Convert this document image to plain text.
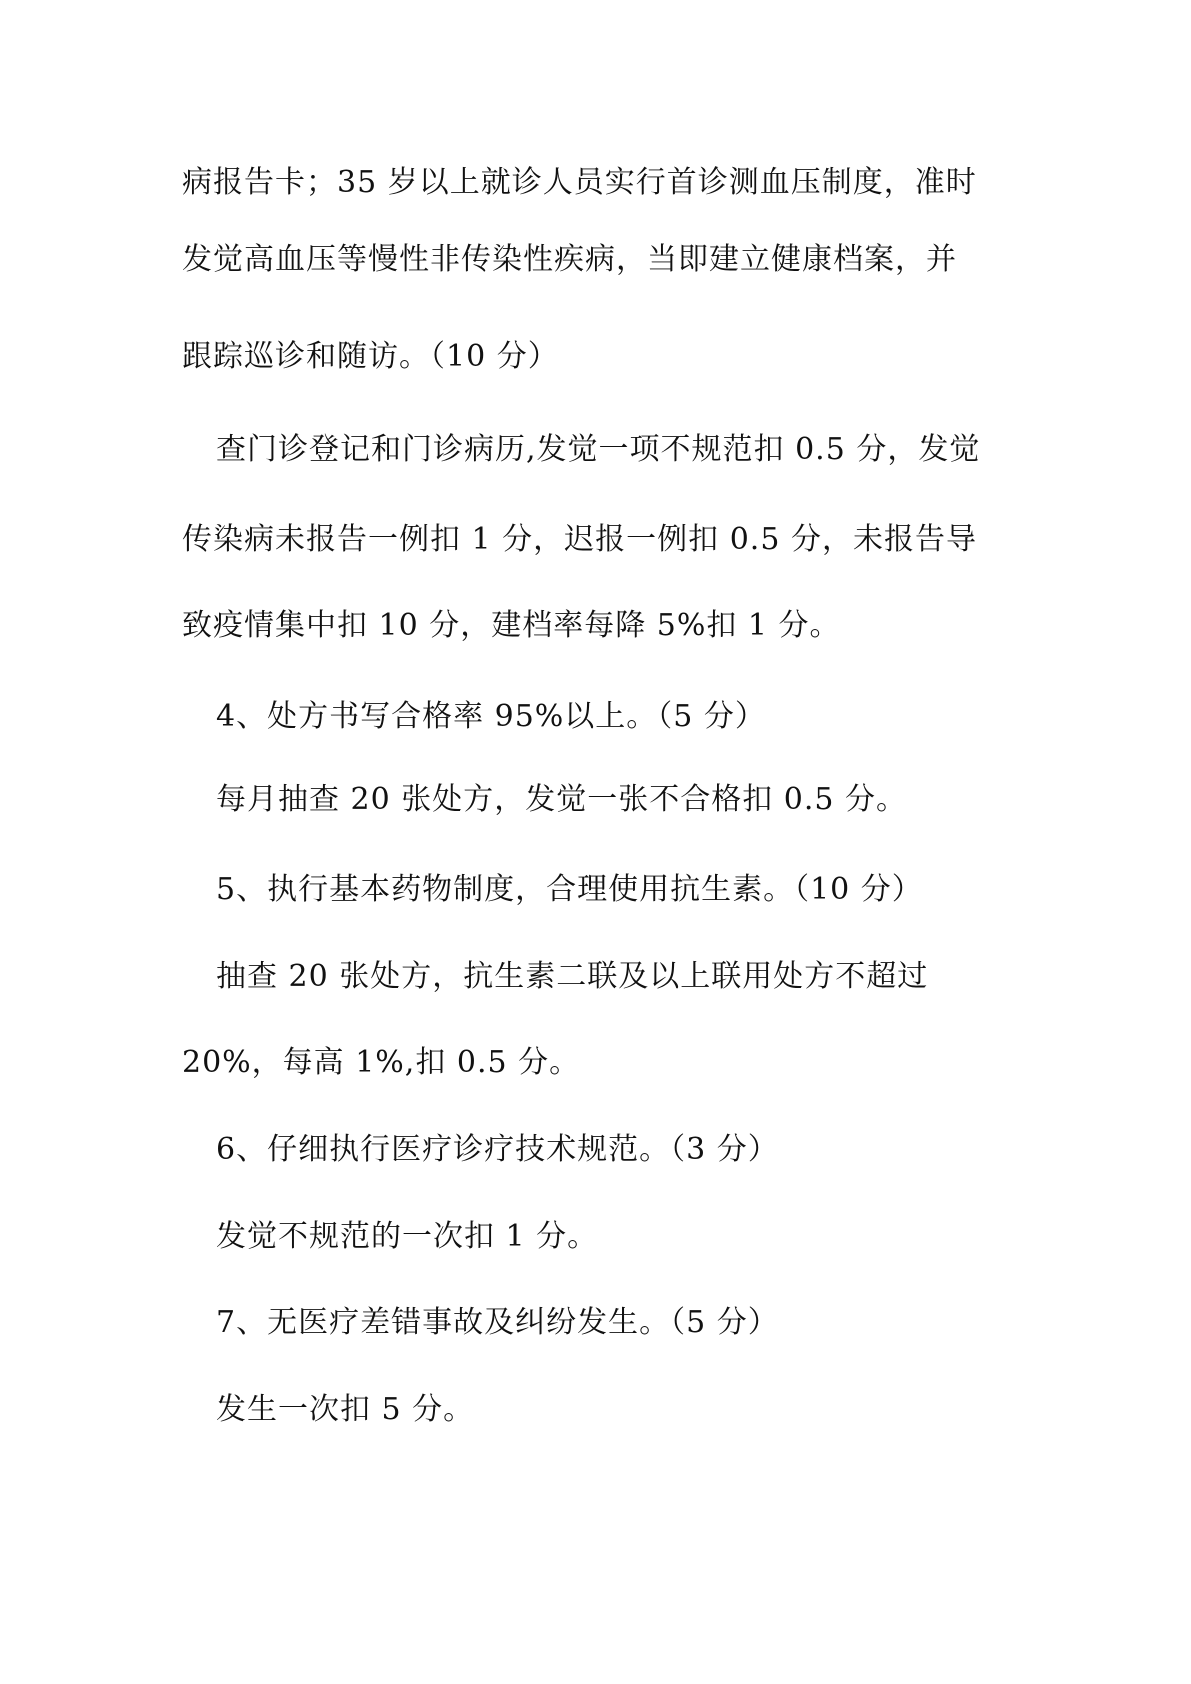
病报告卡；35 岁以上就诊人员实行首诊测血压制度，准时
发觉高血压等慢性非传染性疾病，当即建立健康档案，并
跟踪巡诊和随访。（10 分）
查门诊登记和门诊病历,发觉一项不规范扣 0.5 分，发觉
传染病未报告一例扣 1 分，迟报一例扣 0.5 分，未报告导
致疫情集中扣 10 分，建档率每降 5%扣 1 分。
4、处方书写合格率 95%以上。（5 分）
每月抽查 20 张处方，发觉一张不合格扣 0.5 分。
5、执行基本药物制度，合理使用抗生素。（10 分）
抽查 20 张处方，抗生素二联及以上联用处方不超过
20%，每高 1%,扣 0.5 分。
6、仔细执行医疗诊疗技术规范。（3 分）
发觉不规范的一次扣 1 分。
7、无医疗差错事故及纠纷发生。（5 分）
发生一次扣 5 分。
